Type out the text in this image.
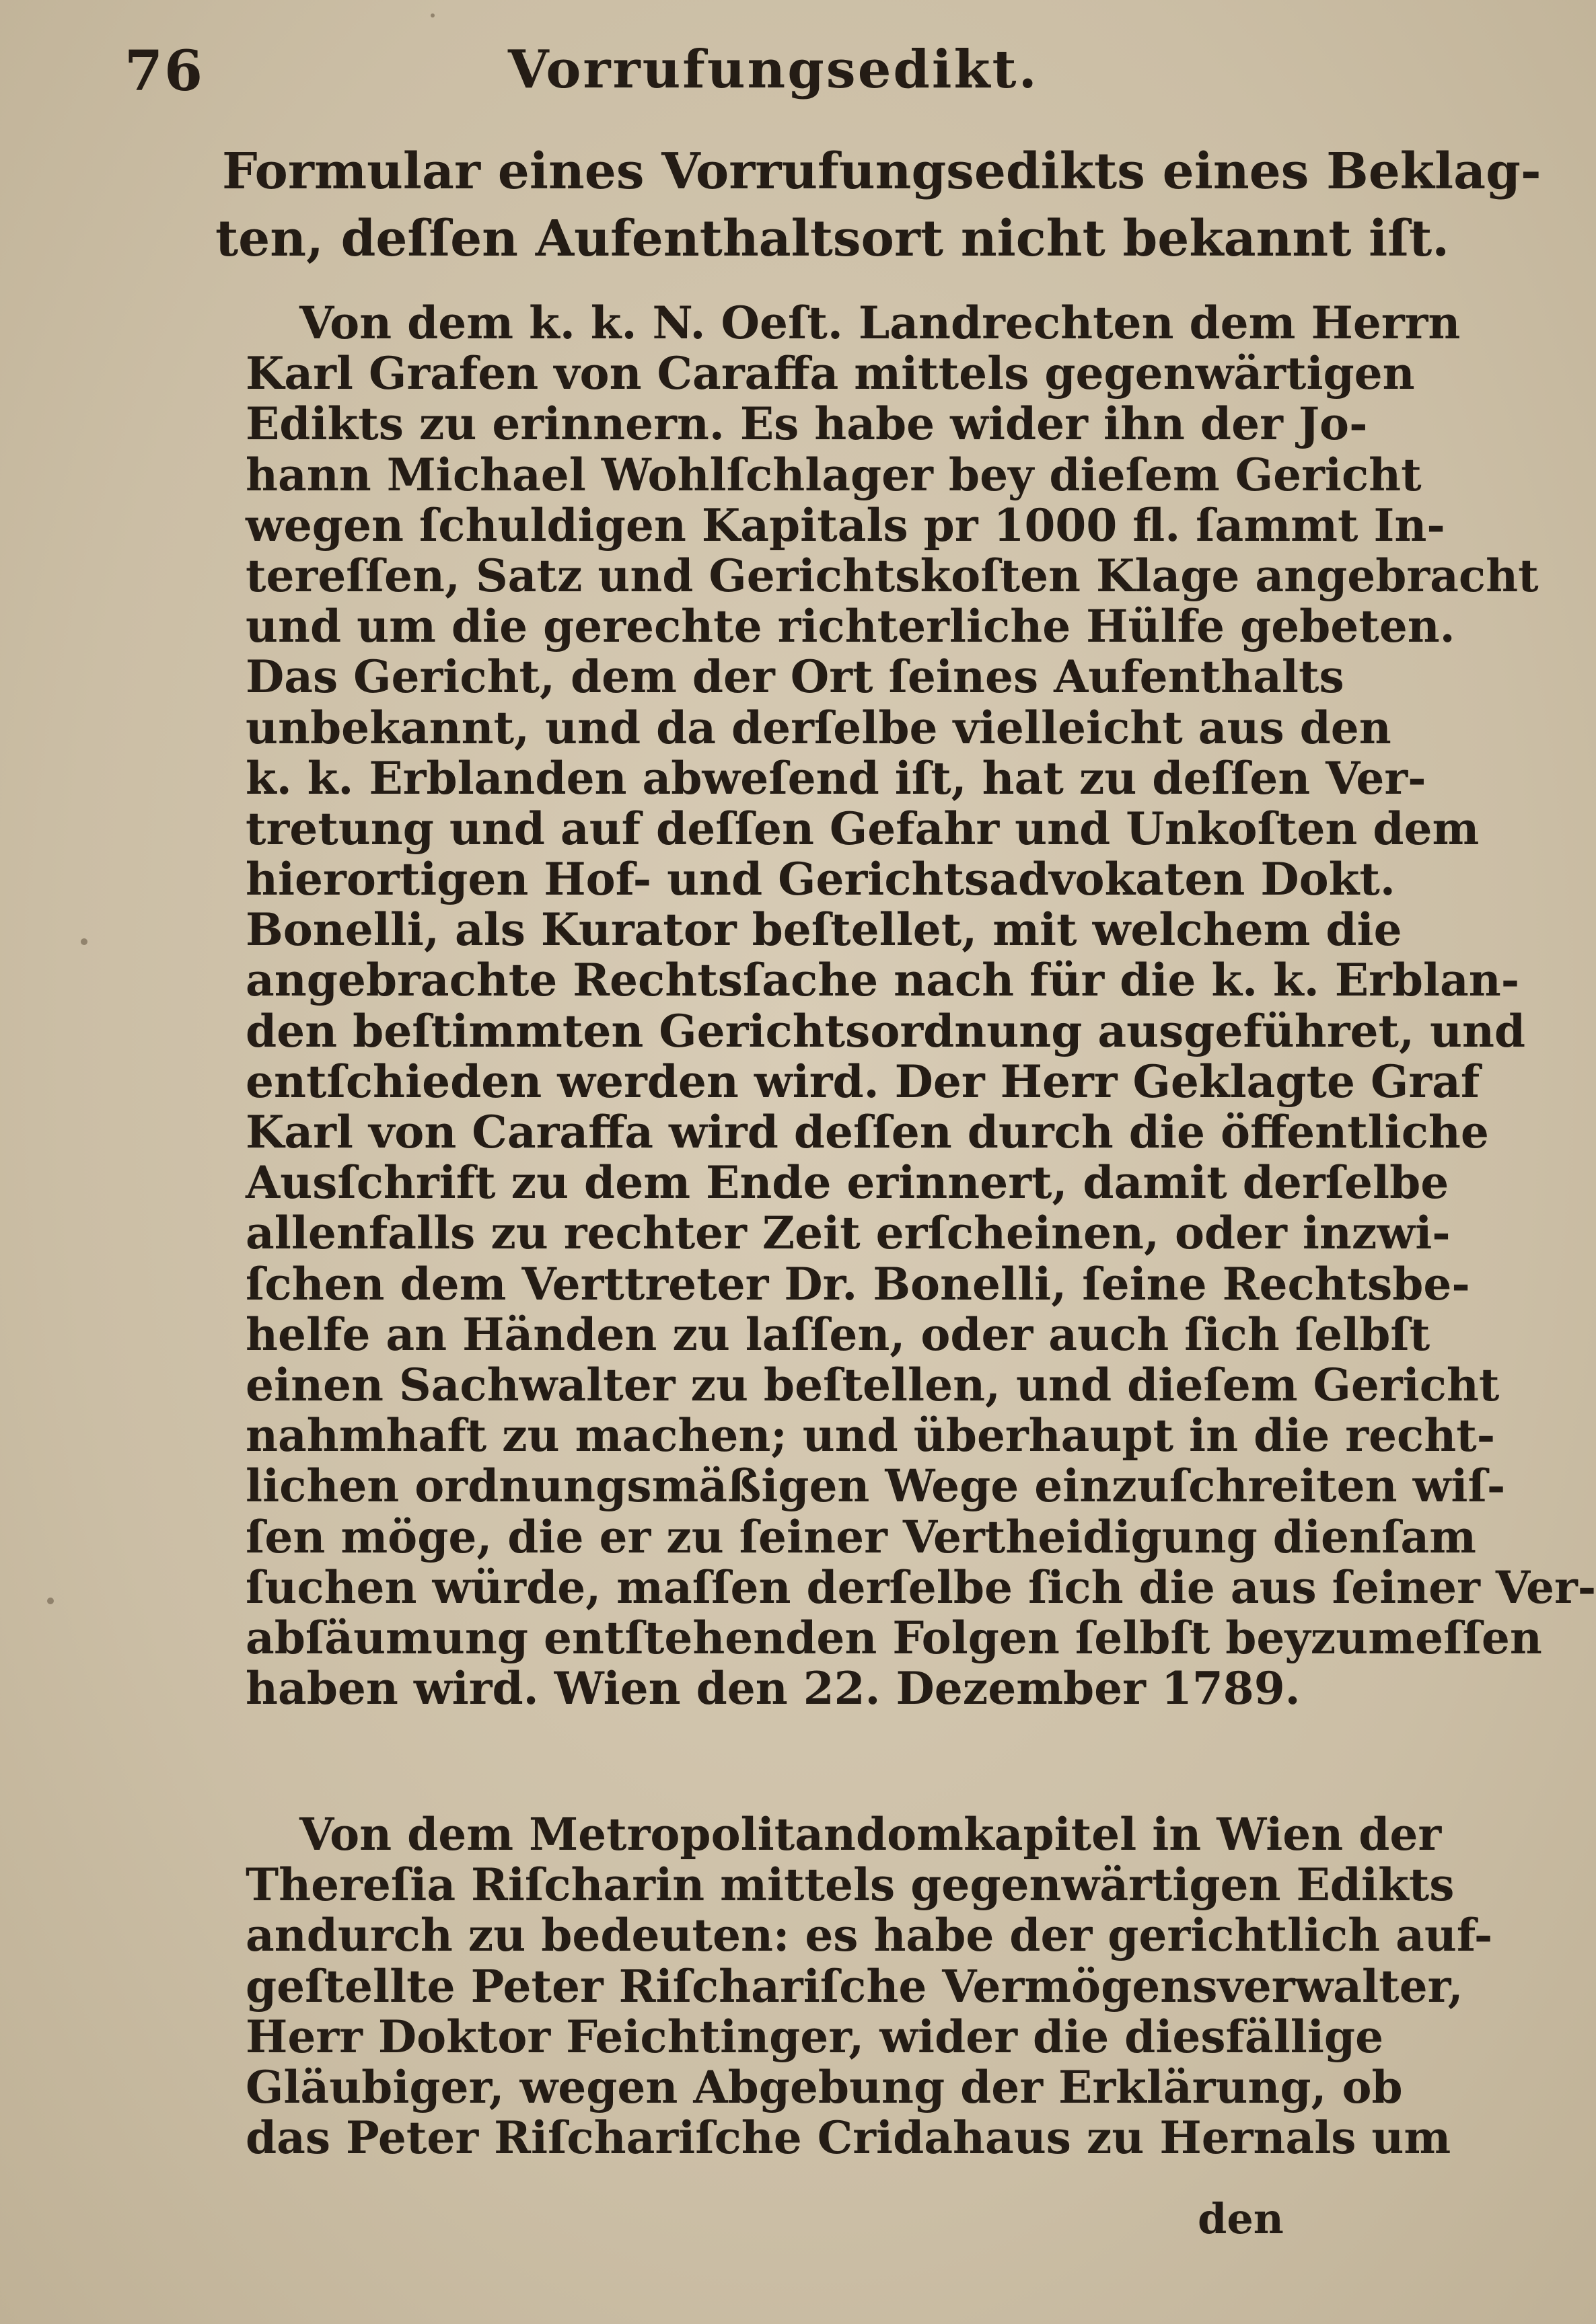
76	Vorrufungsedikt.
Formular eines Vorrufungsedikts eines Beklag-
ten, deſſen Aufenthaltsort nicht bekannt iſt.
Von dem k. k. N. Oeſt. Landrechten dem Herrn
Karl Grafen von Caraffa mittels gegenwärtigen
Edikts zu erinnern. Es habe wider ihn der Jo-
hann Michael Wohlſchlager bey dieſem Gericht
wegen ſchuldigen Kapitals pr 1000 fl. ſammt In-
tereſſen, Satz und Gerichtskoſten Klage angebracht
und um die gerechte richterliche Hülfe gebeten.
Das Gericht, dem der Ort ſeines Aufenthalts
unbekannt, und da derſelbe vielleicht aus den
k. k. Erblanden abweſend iſt, hat zu deſſen Ver-
tretung und auf deſſen Gefahr und Unkoſten dem
hierortigen Hof- und Gerichtsadvokaten Dokt.
Bonelli, als Kurator beſtellet, mit welchem die
angebrachte Rechtsſache nach für die k. k. Erblan-
den beſtimmten Gerichtsordnung ausgeführet, und
entſchieden werden wird. Der Herr Geklagte Graf
Karl von Caraffa wird deſſen durch die öffentliche
Ausſchrift zu dem Ende erinnert, damit derſelbe
allenfalls zu rechter Zeit erſcheinen, oder inzwi-
ſchen dem Verttreter Dr. Bonelli, ſeine Rechtsbe-
helfe an Händen zu laſſen, oder auch ſich ſelbſt
einen Sachwalter zu beſtellen, und dieſem Gericht
nahmhaft zu machen; und überhaupt in die recht-
lichen ordnungsmäßigen Wege einzuſchreiten wiſ-
ſen möge, die er zu ſeiner Vertheidigung dienſam
ſuchen würde, maſſen derſelbe ſich die aus ſeiner Ver-
abſäumung entſtehenden Folgen ſelbſt beyzumeſſen
haben wird. Wien den 22. Dezember 1789.
Von dem Metropolitandomkapitel in Wien der
Thereſia Riſcharin mittels gegenwärtigen Edikts
andurch zu bedeuten: es habe der gerichtlich auf-
geſtellte Peter Riſchariſche Vermögensverwalter,
Herr Doktor Feichtinger, wider die diesfällige
Gläubiger, wegen Abgebung der Erklärung, ob
das Peter Riſchariſche Cridahaus zu Hernals um
den
